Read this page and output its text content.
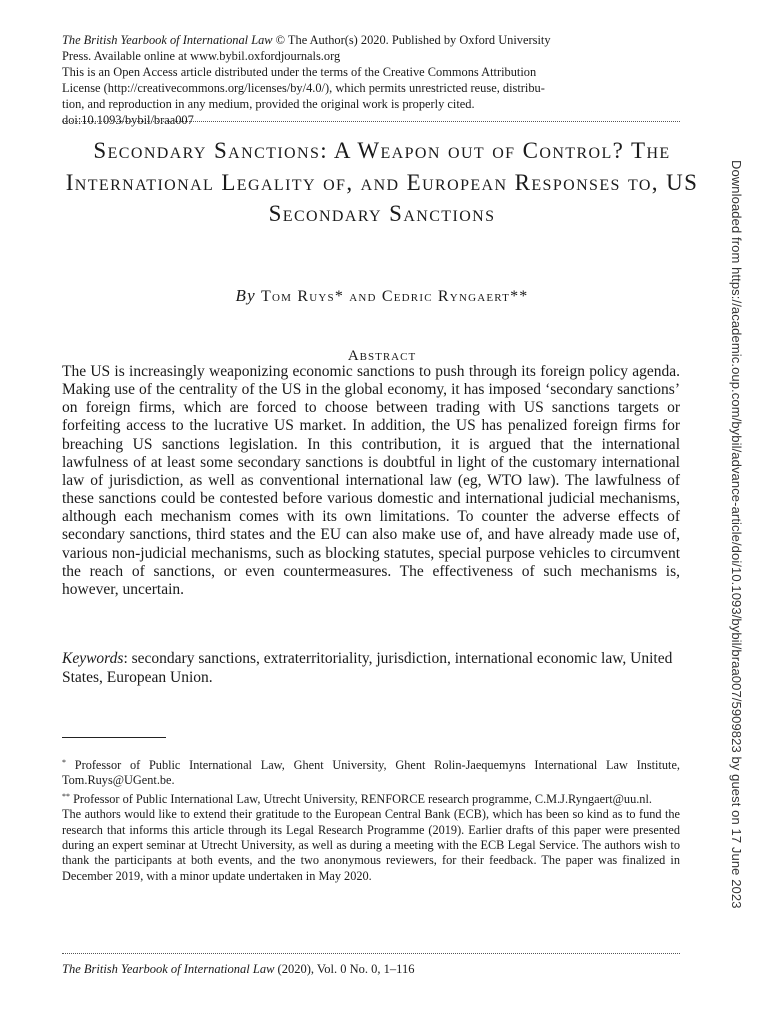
The British Yearbook of International Law © The Author(s) 2020. Published by Oxford University

Press. Available online at www.bybil.oxfordjournals.org

This is an Open Access article distributed under the terms of the Creative Commons Attribution

License (http://creativecommons.org/licenses/by/4.0/), which permits unrestricted reuse, distribu-

tion, and reproduction in any medium, provided the original work is properly cited.

doi:10.1093/bybil/braa007

Secondary Sanctions: A Weapon out of Control? The International Legality of, and European Responses to, US Secondary Sanctions
By Tom Ruys* and Cedric Ryngaert**
Abstract
The US is increasingly weaponizing economic sanctions to push through its foreign policy agenda. Making use of the centrality of the US in the global economy, it has imposed ‘secondary sanctions’ on foreign firms, which are forced to choose between trading with US sanctions targets or forfeiting access to the lucrative US market. In addition, the US has penalized foreign firms for breaching US sanctions legislation. In this contribution, it is argued that the international lawfulness of at least some secondary sanctions is doubtful in light of the customary international law of jurisdiction, as well as conventional international law (eg, WTO law). The lawfulness of these sanctions could be contested before various domestic and international judicial mechanisms, although each mechanism comes with its own limitations. To counter the adverse effects of secondary sanctions, third states and the EU can also make use of, and have already made use of, various non-judicial mechanisms, such as blocking statutes, special purpose vehicles to circumvent the reach of sanctions, or even countermeasures. The effectiveness of such mechanisms is, however, uncertain.
Keywords: secondary sanctions, extraterritoriality, jurisdiction, international economic law, United States, European Union.

* Professor of Public International Law, Ghent University, Ghent Rolin-Jaequemyns International Law Institute, Tom.Ruys@UGent.be.

** Professor of Public International Law, Utrecht University, RENFORCE research programme, C.M.J.Ryngaert@uu.nl.

The authors would like to extend their gratitude to the European Central Bank (ECB), which has been so kind as to fund the research that informs this article through its Legal Research Programme (2019). Earlier drafts of this paper were presented during an expert seminar at Utrecht University, as well as during a meeting with the ECB Legal Service. The authors wish to thank the participants at both events, and the two anonymous reviewers, for their feedback. The paper was finalized in December 2019, with a minor update undertaken in May 2020.

The British Yearbook of International Law (2020), Vol. 0 No. 0, 1–116
Downloaded from https://academic.oup.com/bybil/advance-article/doi/10.1093/bybil/braa007/5909823 by guest on 17 June 2023
